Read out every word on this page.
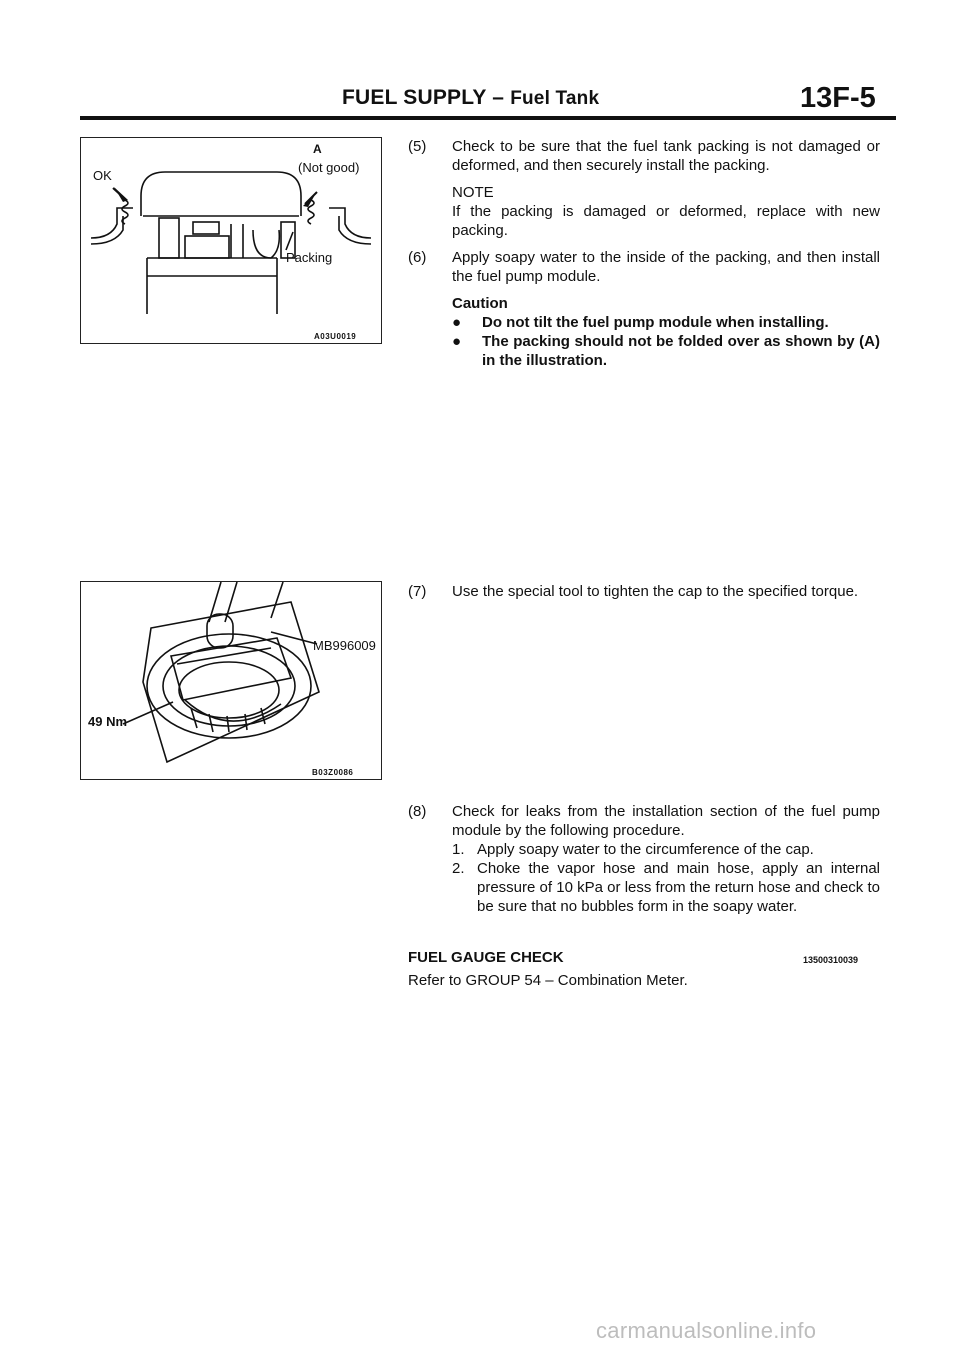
FUEL SUPPLY – Fuel Tank	13F-5
OK
A
(Not good)
Packing
A03U0019
(5) Check to be sure that the fuel tank packing is not damaged or deformed, and then securely install the packing.
NOTE
If the packing is damaged or deformed, replace with new packing.
(6) Apply soapy water to the inside of the packing, and then install the fuel pump module.
Caution
● Do not tilt the fuel pump module when installing.
● The packing should not be folded over as shown by (A) in the illustration.
MB996009
49 Nm
B03Z0086
(7) Use the special tool to tighten the cap to the specified torque.
(8) Check for leaks from the installation section of the fuel pump module by the following procedure.
1. Apply soapy water to the circumference of the cap.
2. Choke the vapor hose and main hose, apply an internal pressure of 10 kPa or less from the return hose and check to be sure that no bubbles form in the soapy water.
FUEL GAUGE CHECK	13500310039
Refer to GROUP 54 – Combination Meter.
carmanualsonline.info
